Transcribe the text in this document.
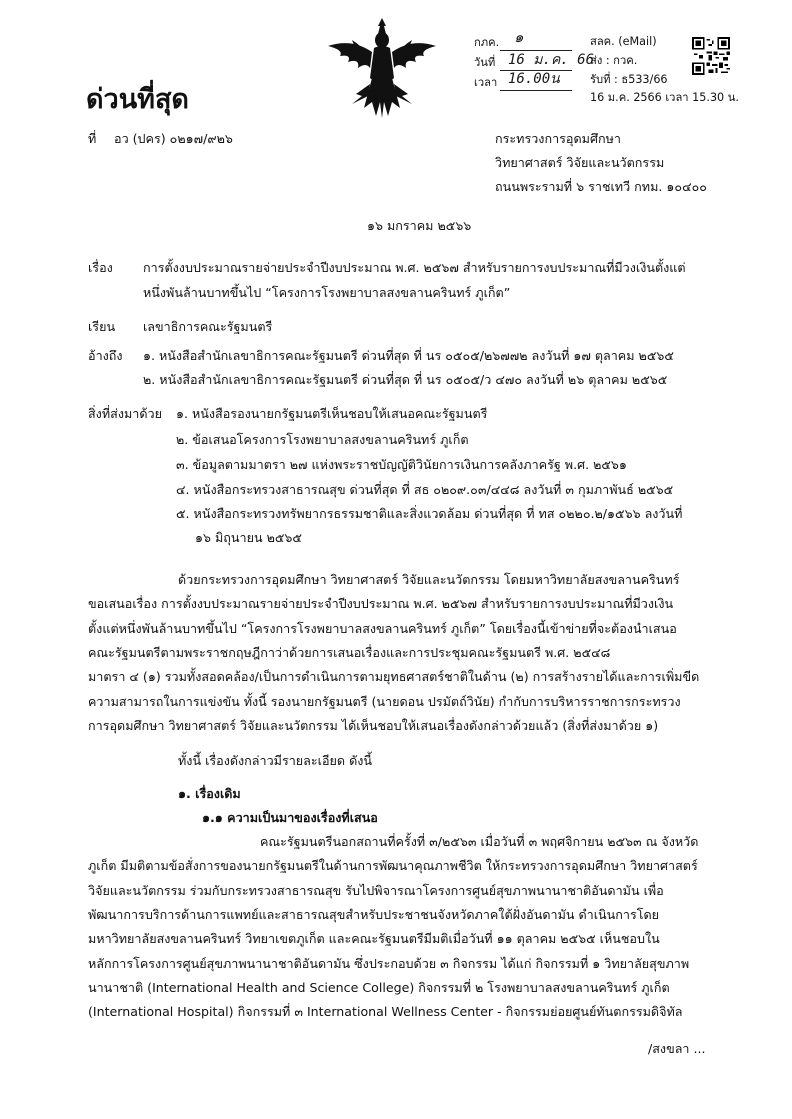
ด่วนที่สุด
กภค. ๑
วันที่ 16 ม.ค. 66
เวลา 16.00น
สลค. (eMail)
ส่ง : กวค.
รับที่ : ธ533/66
16 ม.ค. 2566 เวลา 15.30 น.
ที่ อว (ปคร) ๐๒๑๗/๙๒๖	กระทรวงการอุดมศึกษา
วิทยาศาสตร์ วิจัยและนวัตกรรม
ถนนพระรามที่ ๖ ราชเทวี กทม. ๑๐๔๐๐
๑๖ มกราคม ๒๕๖๖
เรื่อง การตั้งงบประมาณรายจ่ายประจำปีงบประมาณ พ.ศ. ๒๕๖๗ สำหรับรายการงบประมาณที่มีวงเงินตั้งแต่
หนึ่งพันล้านบาทขึ้นไป “โครงการโรงพยาบาลสงขลานครินทร์ ภูเก็ต”
เรียน เลขาธิการคณะรัฐมนตรี
อ้างถึง ๑. หนังสือสำนักเลขาธิการคณะรัฐมนตรี ด่วนที่สุด ที่ นร ๐๕๐๕/๒๖๗๗๒ ลงวันที่ ๑๗ ตุลาคม ๒๕๖๕
๒. หนังสือสำนักเลขาธิการคณะรัฐมนตรี ด่วนที่สุด ที่ นร ๐๕๐๕/ว ๔๗๐ ลงวันที่ ๒๖ ตุลาคม ๒๕๖๕
สิ่งที่ส่งมาด้วย ๑. หนังสือรองนายกรัฐมนตรีเห็นชอบให้เสนอคณะรัฐมนตรี
๒. ข้อเสนอโครงการโรงพยาบาลสงขลานครินทร์ ภูเก็ต
๓. ข้อมูลตามมาตรา ๒๗ แห่งพระราชบัญญัติวินัยการเงินการคลังภาครัฐ พ.ศ. ๒๕๖๑
๔. หนังสือกระทรวงสาธารณสุข ด่วนที่สุด ที่ สธ ๐๒๐๙.๐๓/๔๔๘ ลงวันที่ ๓ กุมภาพันธ์ ๒๕๖๕
๕. หนังสือกระทรวงทรัพยากรธรรมชาติและสิ่งแวดล้อม ด่วนที่สุด ที่ ทส ๐๒๒๐.๒/๑๕๖๖ ลงวันที่
๑๖ มิถุนายน ๒๕๖๕
ด้วยกระทรวงการอุดมศึกษา วิทยาศาสตร์ วิจัยและนวัตกรรม โดยมหาวิทยาลัยสงขลานครินทร์
ขอเสนอเรื่อง การตั้งงบประมาณรายจ่ายประจำปีงบประมาณ พ.ศ. ๒๕๖๗ สำหรับรายการงบประมาณที่มีวงเงิน
ตั้งแต่หนึ่งพันล้านบาทขึ้นไป “โครงการโรงพยาบาลสงขลานครินทร์ ภูเก็ต” โดยเรื่องนี้เข้าข่ายที่จะต้องนำเสนอ
คณะรัฐมนตรีตามพระราชกฤษฎีกาว่าด้วยการเสนอเรื่องและการประชุมคณะรัฐมนตรี พ.ศ. ๒๕๔๘
มาตรา ๔ (๑) รวมทั้งสอดคล้อง/เป็นการดำเนินการตามยุทธศาสตร์ชาติในด้าน (๒) การสร้างรายได้และการเพิ่มขีด
ความสามารถในการแข่งขัน ทั้งนี้ รองนายกรัฐมนตรี (นายดอน ปรมัตถ์วินัย) กำกับการบริหารราชการกระทรวง
การอุดมศึกษา วิทยาศาสตร์ วิจัยและนวัตกรรม ได้เห็นชอบให้เสนอเรื่องดังกล่าวด้วยแล้ว (สิ่งที่ส่งมาด้วย ๑)
ทั้งนี้ เรื่องดังกล่าวมีรายละเอียด ดังนี้
๑. เรื่องเดิม
๑.๑ ความเป็นมาของเรื่องที่เสนอ
คณะรัฐมนตรีนอกสถานที่ครั้งที่ ๓/๒๕๖๓ เมื่อวันที่ ๓ พฤศจิกายน ๒๕๖๓ ณ จังหวัด
ภูเก็ต มีมติตามข้อสั่งการของนายกรัฐมนตรีในด้านการพัฒนาคุณภาพชีวิต ให้กระทรวงการอุดมศึกษา วิทยาศาสตร์
วิจัยและนวัตกรรม ร่วมกับกระทรวงสาธารณสุข รับไปพิจารณาโครงการศูนย์สุขภาพนานาชาติอันดามัน เพื่อ
พัฒนาการบริการด้านการแพทย์และสาธารณสุขสำหรับประชาชนจังหวัดภาคใต้ฝั่งอันดามัน ดำเนินการโดย
มหาวิทยาลัยสงขลานครินทร์ วิทยาเขตภูเก็ต และคณะรัฐมนตรีมีมติเมื่อวันที่ ๑๑ ตุลาคม ๒๕๖๕ เห็นชอบใน
หลักการโครงการศูนย์สุขภาพนานาชาติอันดามัน ซึ่งประกอบด้วย ๓ กิจกรรม ได้แก่ กิจกรรมที่ ๑ วิทยาลัยสุขภาพ
นานาชาติ (International Health and Science College) กิจกรรมที่ ๒ โรงพยาบาลสงขลานครินทร์ ภูเก็ต
(International Hospital) กิจกรรมที่ ๓ International Wellness Center - กิจกรรมย่อยศูนย์ทันตกรรมดิจิทัล
/สงขลา ...
